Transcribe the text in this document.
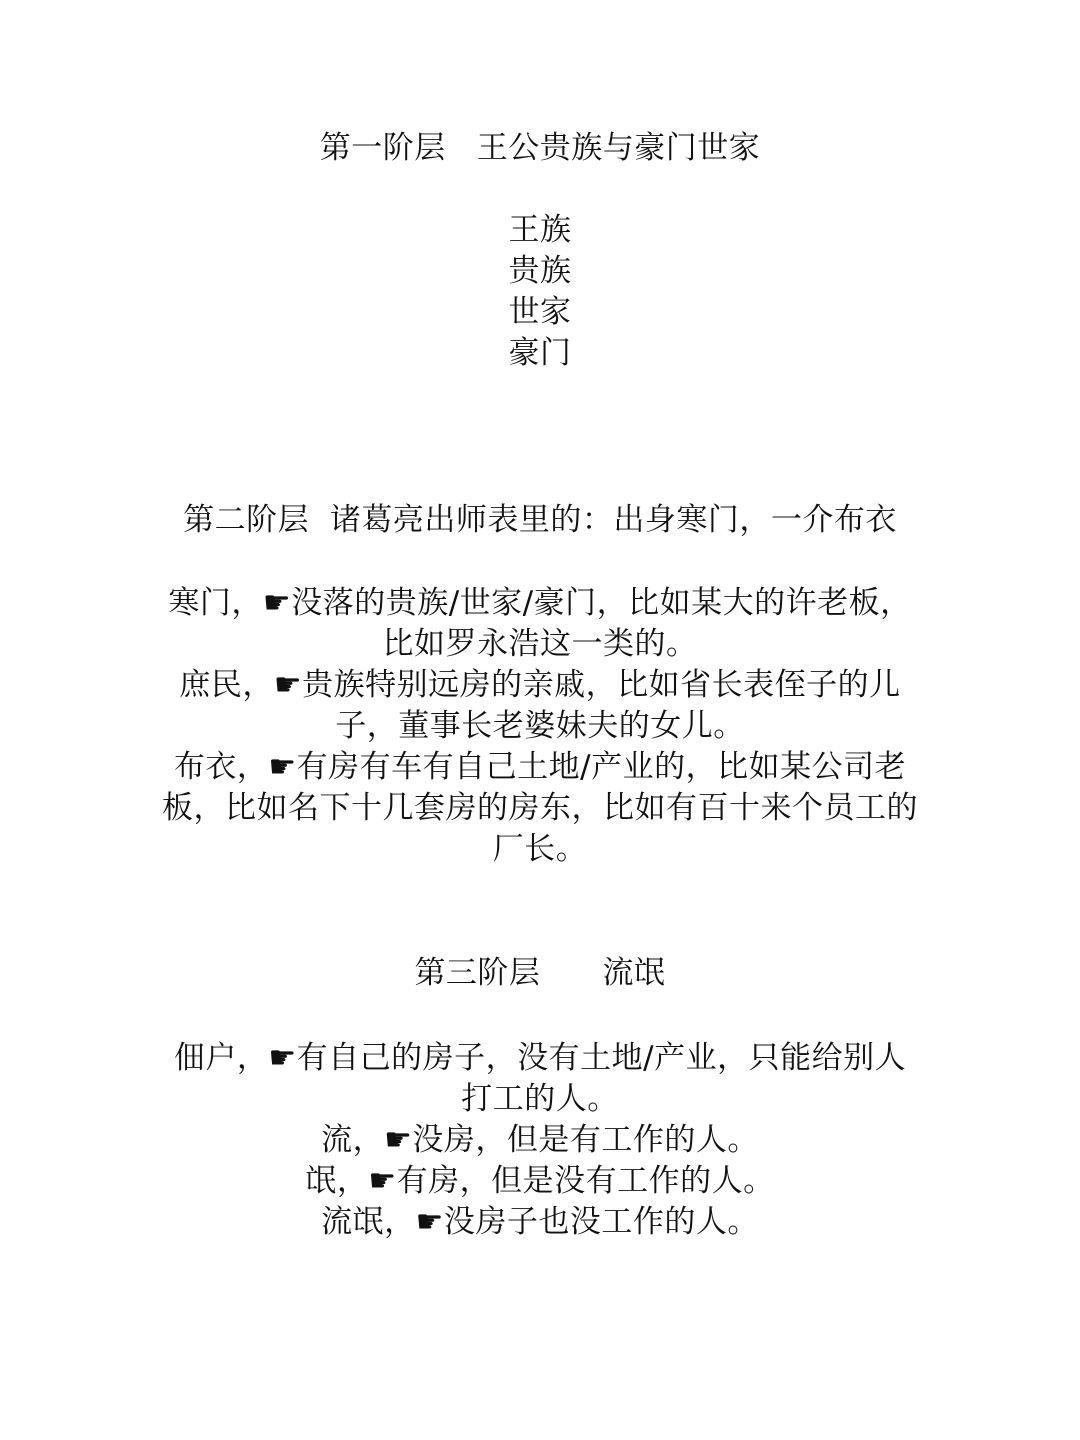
第一阶层   王公贵族与豪门世家
王族
贵族
世家
豪门
第二阶层  诸葛亮出师表里的：出身寒门，一介布衣
寒门，☛没落的贵族/世家/豪门，比如某大的许老板，比如罗永浩这一类的。
庶民，☛贵族特别远房的亲戚，比如省长表侄子的儿子，董事长老婆妹夫的女儿。
布衣，☛有房有车有自己土地/产业的，比如某公司老板，比如名下十几套房的房东，比如有百十来个员工的厂长。
第三阶层      流氓
佃户，☛有自己的房子，没有土地/产业，只能给别人打工的人。
流，☛没房，但是有工作的人。
氓，☛有房，但是没有工作的人。
流氓，☛没房子也没工作的人。
